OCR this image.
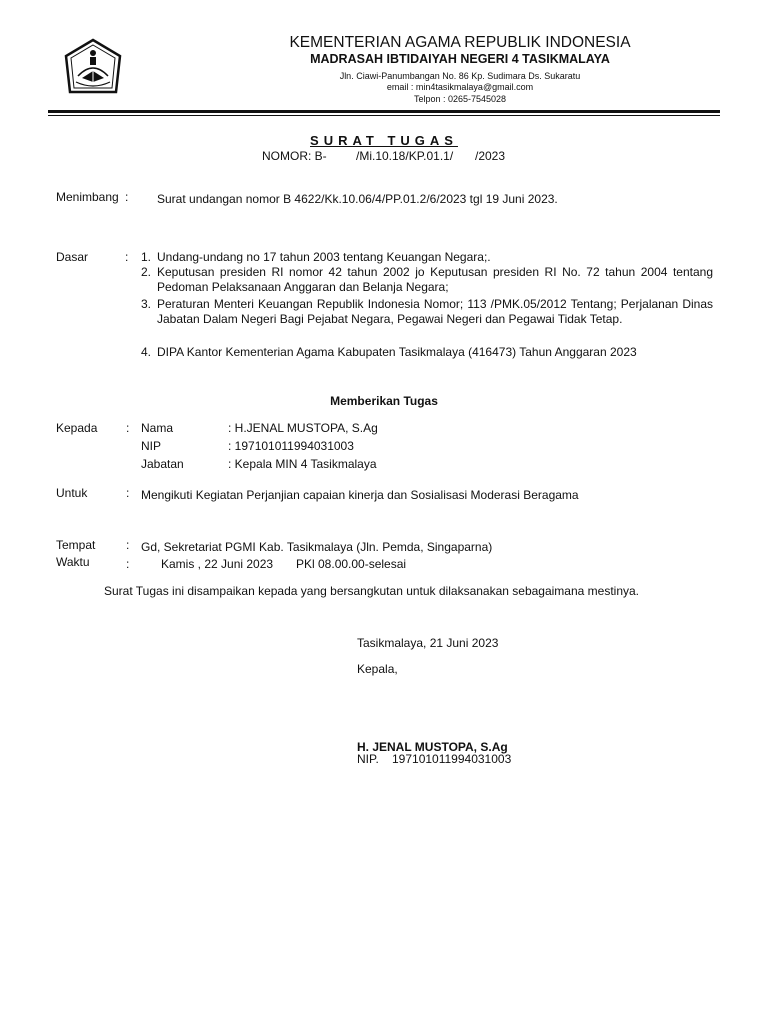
KEMENTERIAN AGAMA REPUBLIK INDONESIA
MADRASAH IBTIDAIYAH NEGERI 4 TASIKMALAYA
Jln. Ciawi-Panumbangan No. 86 Kp. Sudimara Ds. Sukaratu
email : min4tasikmalaya@gmail.com
Telpon : 0265-7545028
SURAT TUGAS
NOMOR: B- /Mi.10.18/KP.01.1/ /2023
Menimbang : Surat undangan nomor B 4622/Kk.10.06/4/PP.01.2/6/2023 tgl 19 Juni 2023.
Dasar	: 1. Undang-undang no 17 tahun 2003 tentang Keuangan Negara;.
2. Keputusan presiden RI nomor 42 tahun 2002 jo Keputusan presiden RI No. 72 tahun 2004 tentang Pedoman Pelaksanaan Anggaran dan Belanja Negara;
3. Peraturan Menteri Keuangan Republik Indonesia Nomor; 113 /PMK.05/2012 Tentang; Perjalanan Dinas Jabatan Dalam Negeri Bagi Pejabat Negara, Pegawai Negeri dan Pegawai Tidak Tetap.
4. DIPA Kantor Kementerian Agama Kabupaten Tasikmalaya (416473) Tahun Anggaran 2023
Memberikan Tugas
Kepada : Nama	: H.JENAL MUSTOPA, S.Ag
NIP	: 197101011994031003
Jabatan	: Kepala MIN 4 Tasikmalaya
Untuk	: Mengikuti Kegiatan Perjanjian capaian kinerja dan Sosialisasi Moderasi Beragama
Tempat	: Gd, Sekretariat PGMI Kab. Tasikmalaya (Jln. Pemda, Singaparna)
Waktu	:	Kamis , 22 Juni 2023 PKl 08.00.00-selesai
Surat Tugas ini disampaikan kepada yang bersangkutan untuk dilaksanakan sebagaimana mestinya.
Tasikmalaya, 21 Juni 2023
Kepala,
H. JENAL MUSTOPA, S.Ag
NIP. 197101011994031003
